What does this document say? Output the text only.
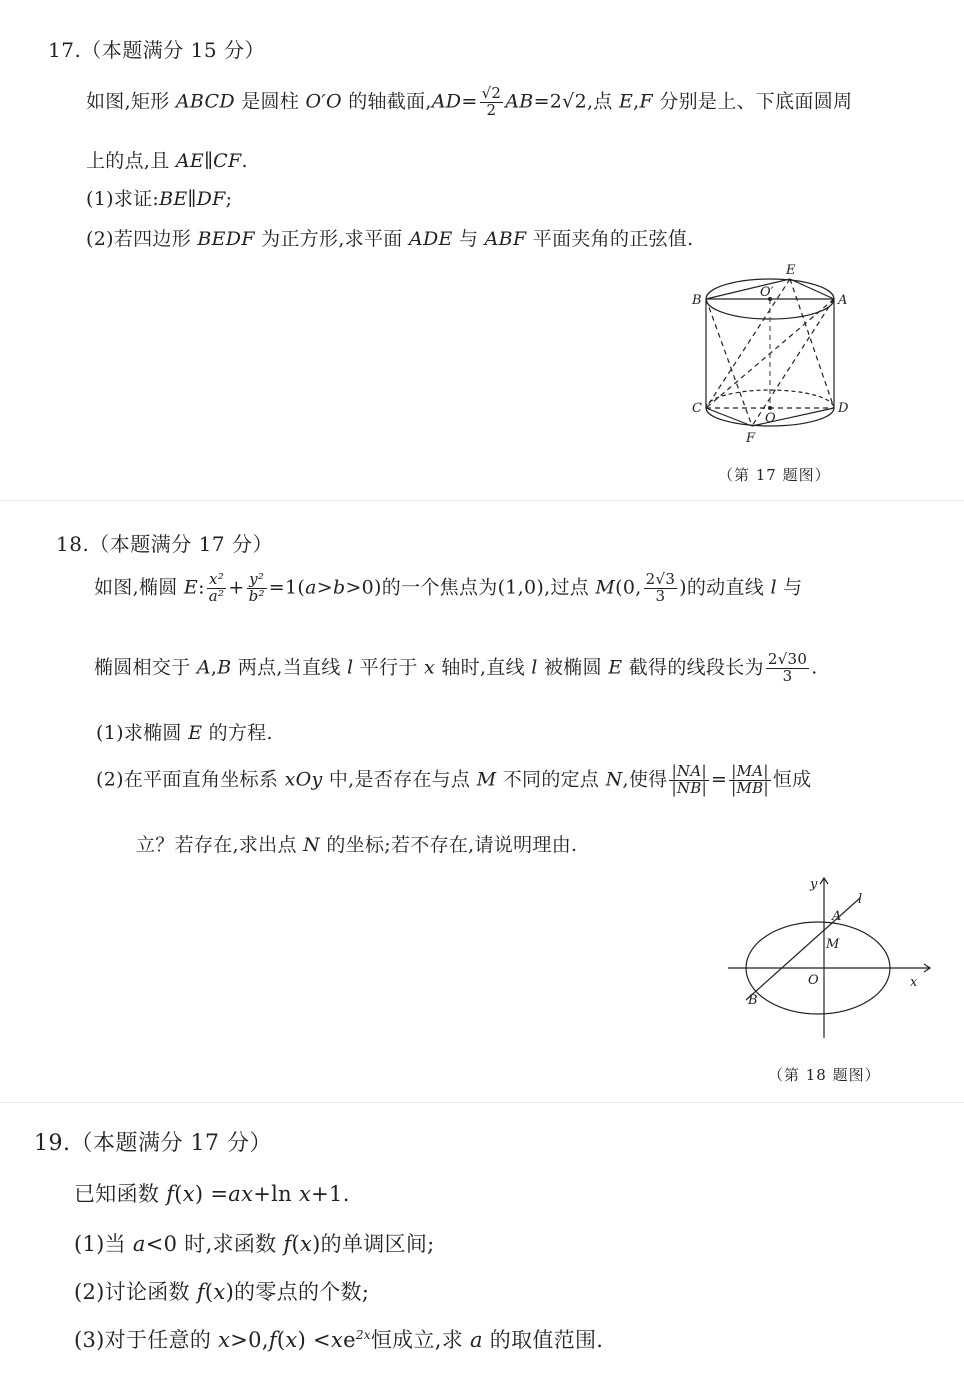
17.（本题满分 15 分）
如图,矩形 ABCD 是圆柱 O′O 的轴截面$,AD= \frac{√2}{2} AB=2√2$,点 E,F 分别是上、下底面圆周
上的点,且 AE∥CF.
(1)求证:BE∥DF;
(2)若四边形 BEDF 为正方形,求平面 ADE 与 ABF 平面夹角的正弦值.
E
B	A
O′
C	D
O
F
（第 17 题图）
18.（本题满分 17 分）
如图,椭圆 E: $\frac{\text{x²}}{\text{a²}} + \frac{\text{y²}}{\text{b²}} =1(a>b>0)$的一个焦点为(1,0),过点 M(0, $\frac{2√3}{3}$ )的动直线 l 与
椭圆相交于 A,B 两点,当直线 l 平行于 x 轴时,直线 l 被椭圆 E 截得的线段长为 $\frac{2√30}{3}$ .
(1)求椭圆 E 的方程.
(2)在平面直角坐标系 xOy 中,是否存在与点 M 不同的定点 N,使得 $\frac{|NA|}{|NB|} = \frac{|MA|}{|MB|}$ 恒成
立？若存在,求出点 N 的坐标;若不存在,请说明理由.
y
l
A
M
O	x
B
（第 18 题图）
19.（本题满分 17 分）
已知函数 f(x) =ax+ln x+1.
(1)当 a<0 时,求函数 f(x)的单调区间;
(2)讨论函数 f(x)的零点的个数;
(3)对于任意的 $x>0,f(x) <xe^{2x}$恒成立,求 a 的取值范围.
